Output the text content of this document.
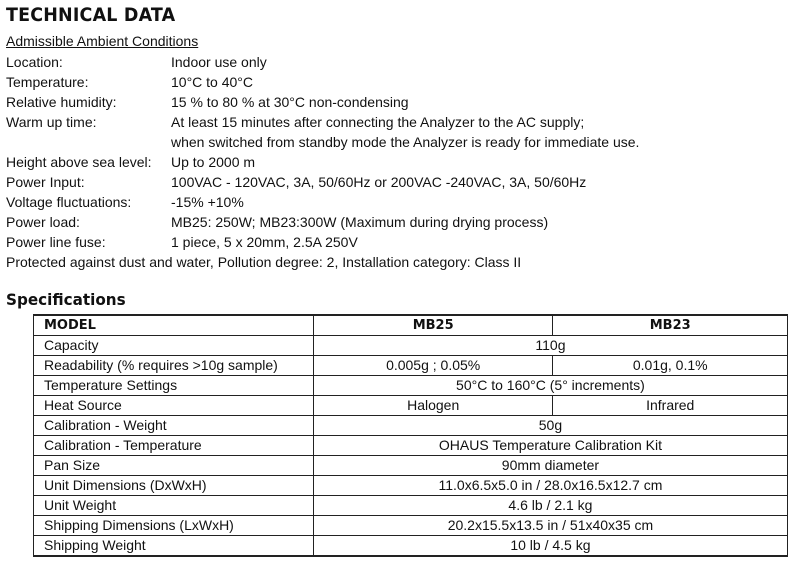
TECHNICAL DATA
Admissible Ambient Conditions
Location:	Indoor use only
Temperature:	10°C to 40°C
Relative humidity:	15 % to 80 % at 30°C non-condensing
Warm up time:	At least 15 minutes after connecting the Analyzer to the AC supply;
when switched from standby mode the Analyzer is ready for immediate use.
Height above sea level: Up to 2000 m
Power Input:	100VAC - 120VAC, 3A, 50/60Hz or 200VAC -240VAC, 3A, 50/60Hz
Voltage fluctuations:	-15% +10%
Power load:	MB25: 250W; MB23:300W (Maximum during drying process)
Power line fuse:	1 piece, 5 x 20mm, 2.5A 250V
Protected against dust and water, Pollution degree: 2, Installation category: Class II
Specifications
MODEL	MB25	MB23
Capacity	110g	
Readability (% requires >10g sample)	0.005g ; 0.05%	0.01g, 0.1%
Temperature Settings	50°C to 160°C (5° increments)	
Heat Source	Halogen	Infrared
Calibration - Weight	50g	
Calibration - Temperature	OHAUS Temperature Calibration Kit	
Pan Size	90mm diameter	
Unit Dimensions (DxWxH)	11.0x6.5x5.0 in / 28.0x16.5x12.7 cm	
Unit Weight	4.6 lb / 2.1 kg	
Shipping Dimensions (LxWxH)	20.2x15.5x13.5 in / 51x40x35 cm	
Shipping Weight	10 lb / 4.5 kg	
